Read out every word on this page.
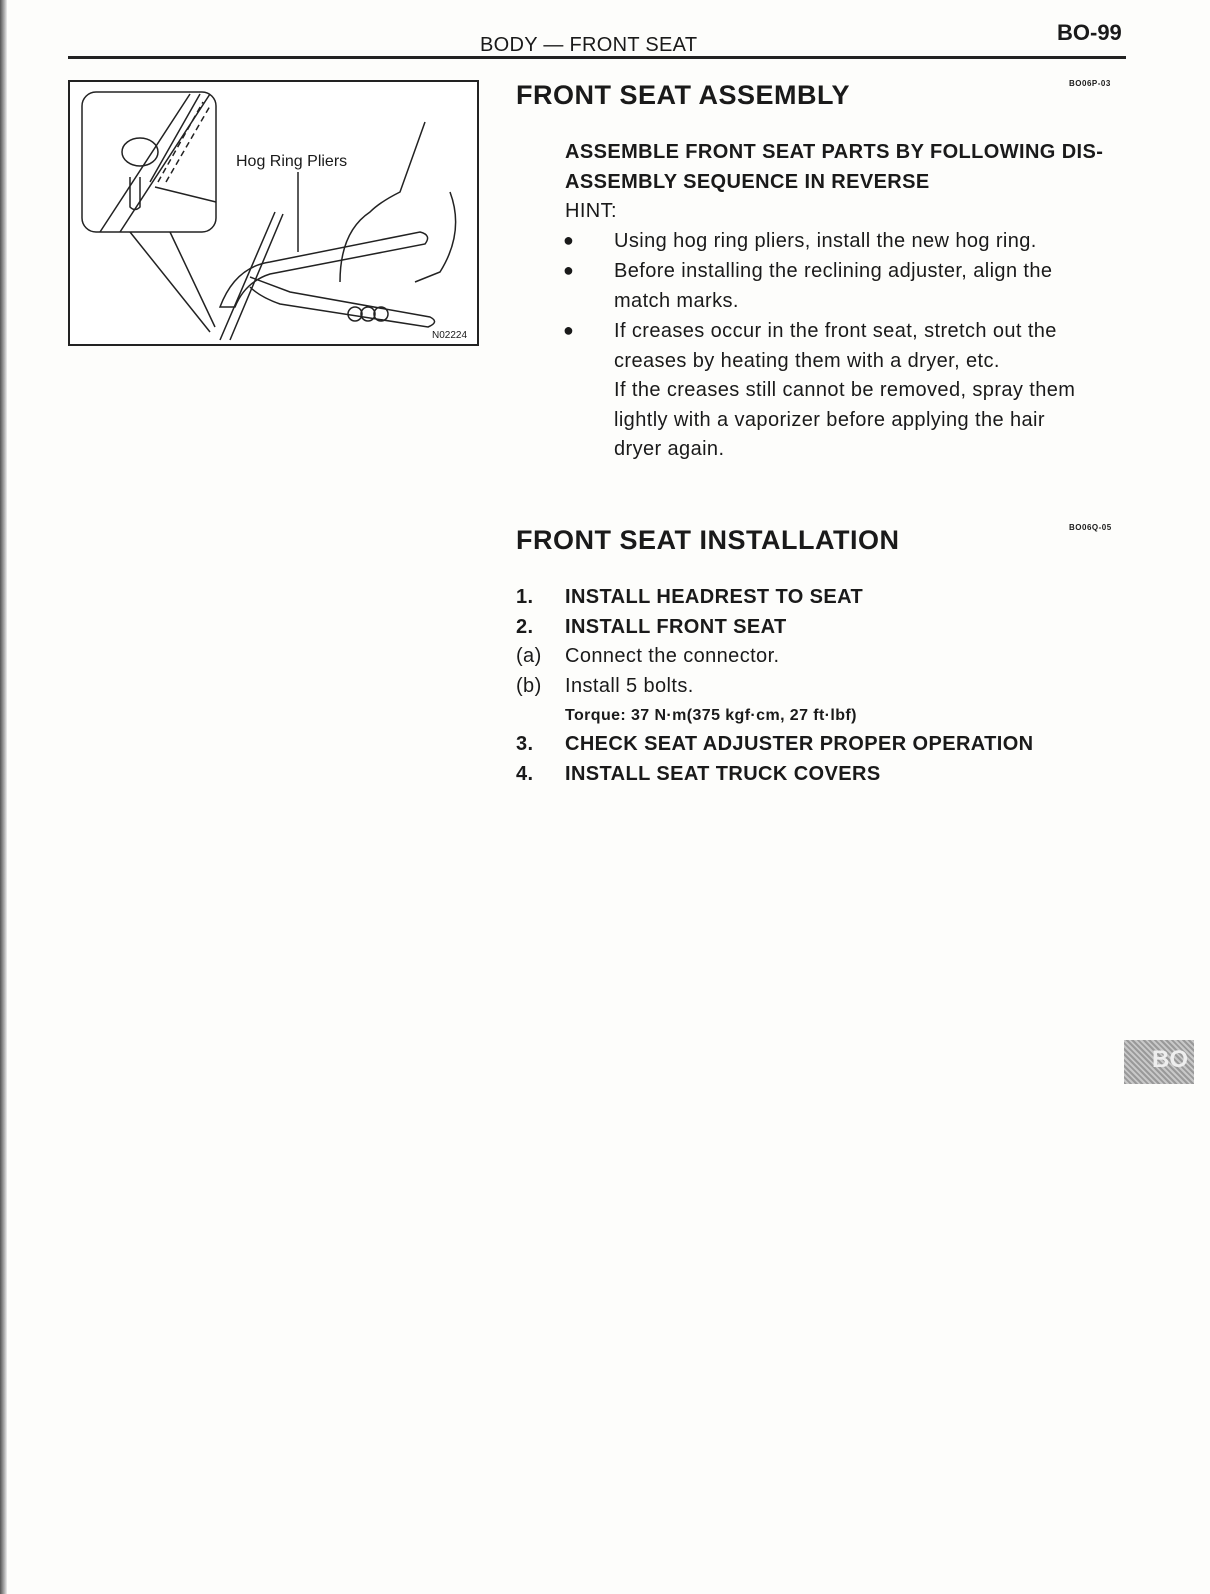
BODY — FRONT SEAT	BO-99
Hog Ring Pliers
N02224
BO06P-03
FRONT SEAT ASSEMBLY
ASSEMBLE FRONT SEAT PARTS BY FOLLOWING DIS-
ASSEMBLY SEQUENCE IN REVERSE
HINT:
● Using hog ring pliers, install the new hog ring.
● Before installing the reclining adjuster, align the
match marks.
● If creases occur in the front seat, stretch out the
creases by heating them with a dryer, etc.
If the creases still cannot be removed, spray them
lightly with a vaporizer before applying the hair
dryer again.
BO06Q-05
FRONT SEAT INSTALLATION
1.	INSTALL HEADREST TO SEAT
2.	INSTALL FRONT SEAT
(a)	Connect the connector.
(b)	Install 5 bolts.
Torque: 37 N·m(375 kgf·cm, 27 ft·lbf)
3.	CHECK SEAT ADJUSTER PROPER OPERATION
4.	INSTALL SEAT TRUCK COVERS
BO
